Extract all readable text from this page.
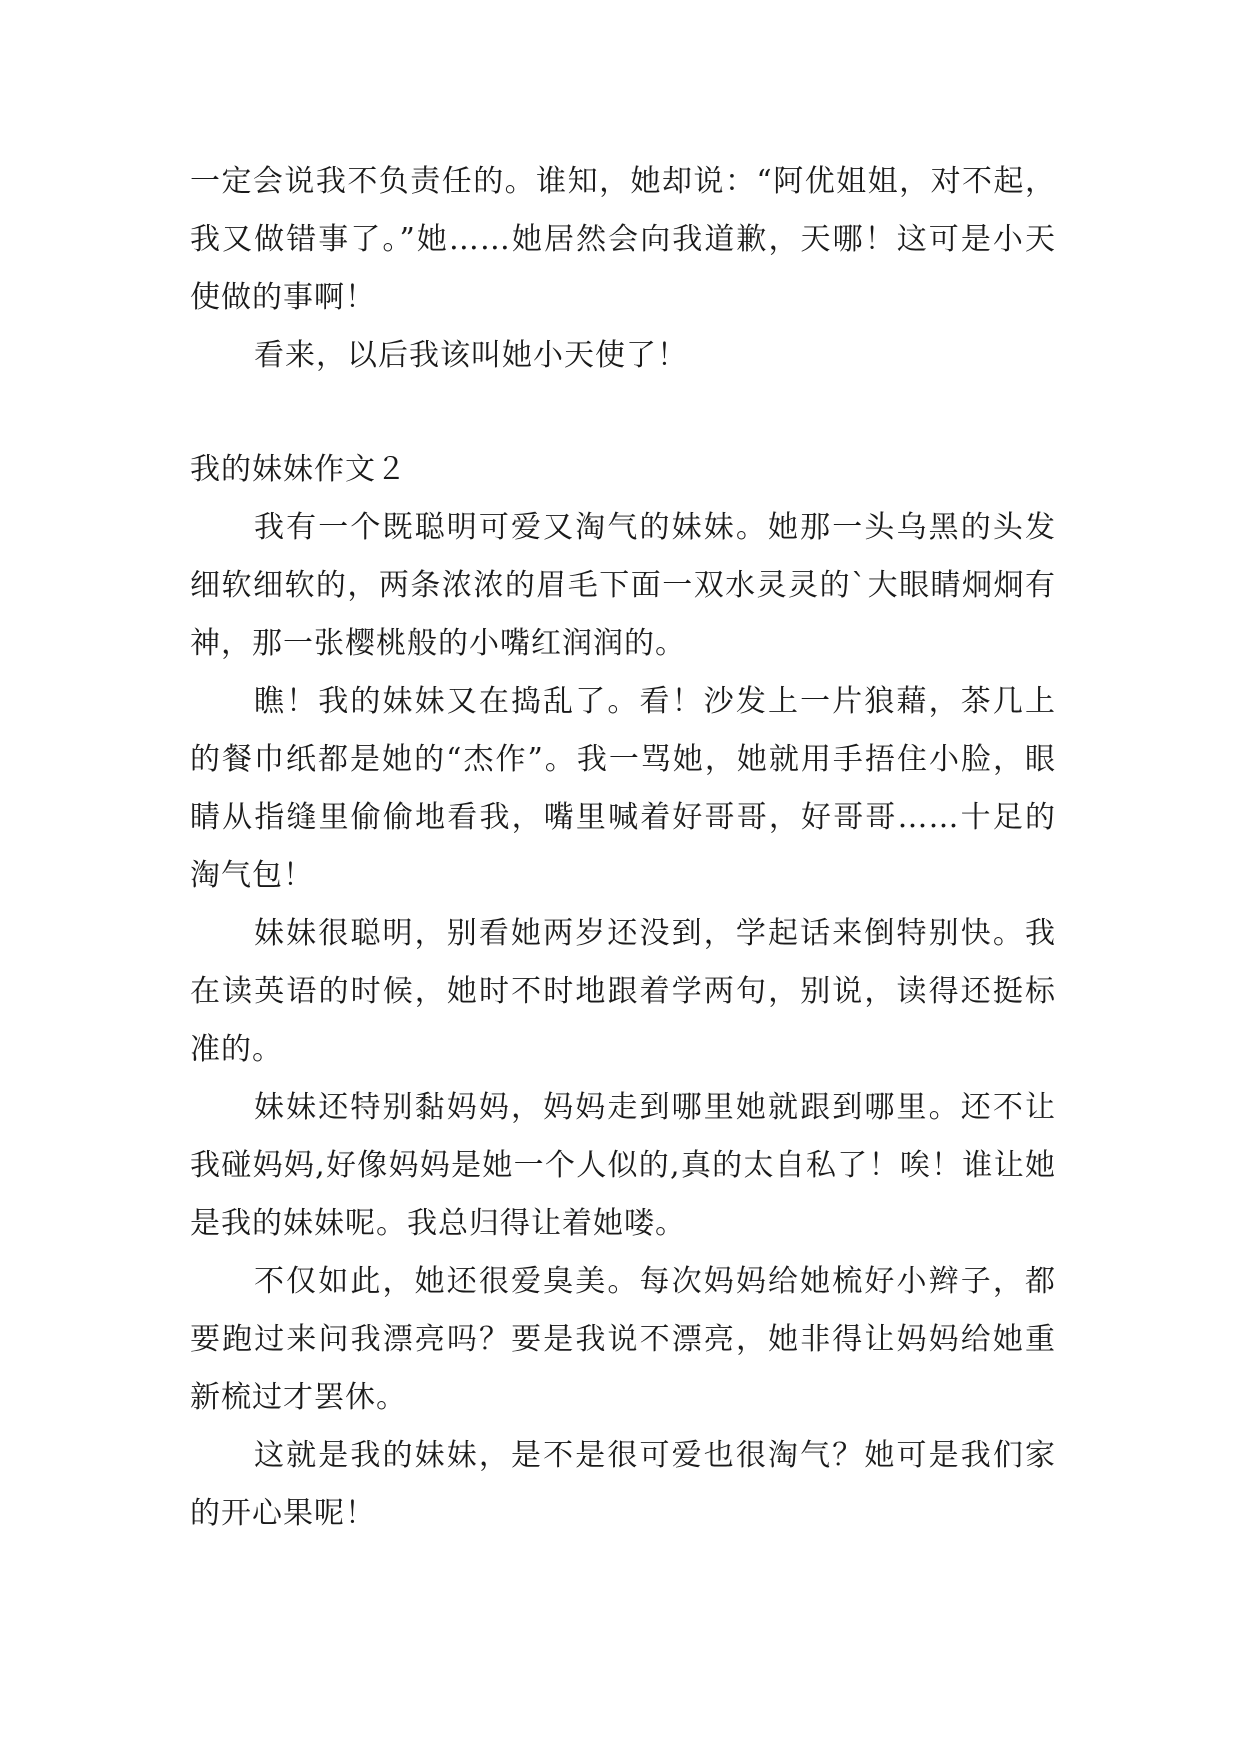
一定会说我不负责任的。谁知，她却说：“阿优姐姐，对不起，我又做错事了。”她……她居然会向我道歉，天哪！这可是小天使做的事啊！

看来，以后我该叫她小天使了！

我的妹妹作文２

我有一个既聪明可爱又淘气的妹妹。她那一头乌黑的头发细软细软的，两条浓浓的眉毛下面一双水灵灵的`大眼睛炯炯有神，那一张樱桃般的小嘴红润润的。

瞧！我的妹妹又在捣乱了。看！沙发上一片狼藉，茶几上的餐巾纸都是她的“杰作”。我一骂她，她就用手捂住小脸，眼睛从指缝里偷偷地看我，嘴里喊着好哥哥，好哥哥……十足的淘气包！

妹妹很聪明，别看她两岁还没到，学起话来倒特别快。我在读英语的时候，她时不时地跟着学两句，别说，读得还挺标准的。

妹妹还特别黏妈妈，妈妈走到哪里她就跟到哪里。还不让我碰妈妈,好像妈妈是她一个人似的,真的太自私了！唉！谁让她是我的妹妹呢。我总归得让着她喽。

不仅如此，她还很爱臭美。每次妈妈给她梳好小辫子，都要跑过来问我漂亮吗？要是我说不漂亮，她非得让妈妈给她重新梳过才罢休。

这就是我的妹妹，是不是很可爱也很淘气？她可是我们家的开心果呢！
